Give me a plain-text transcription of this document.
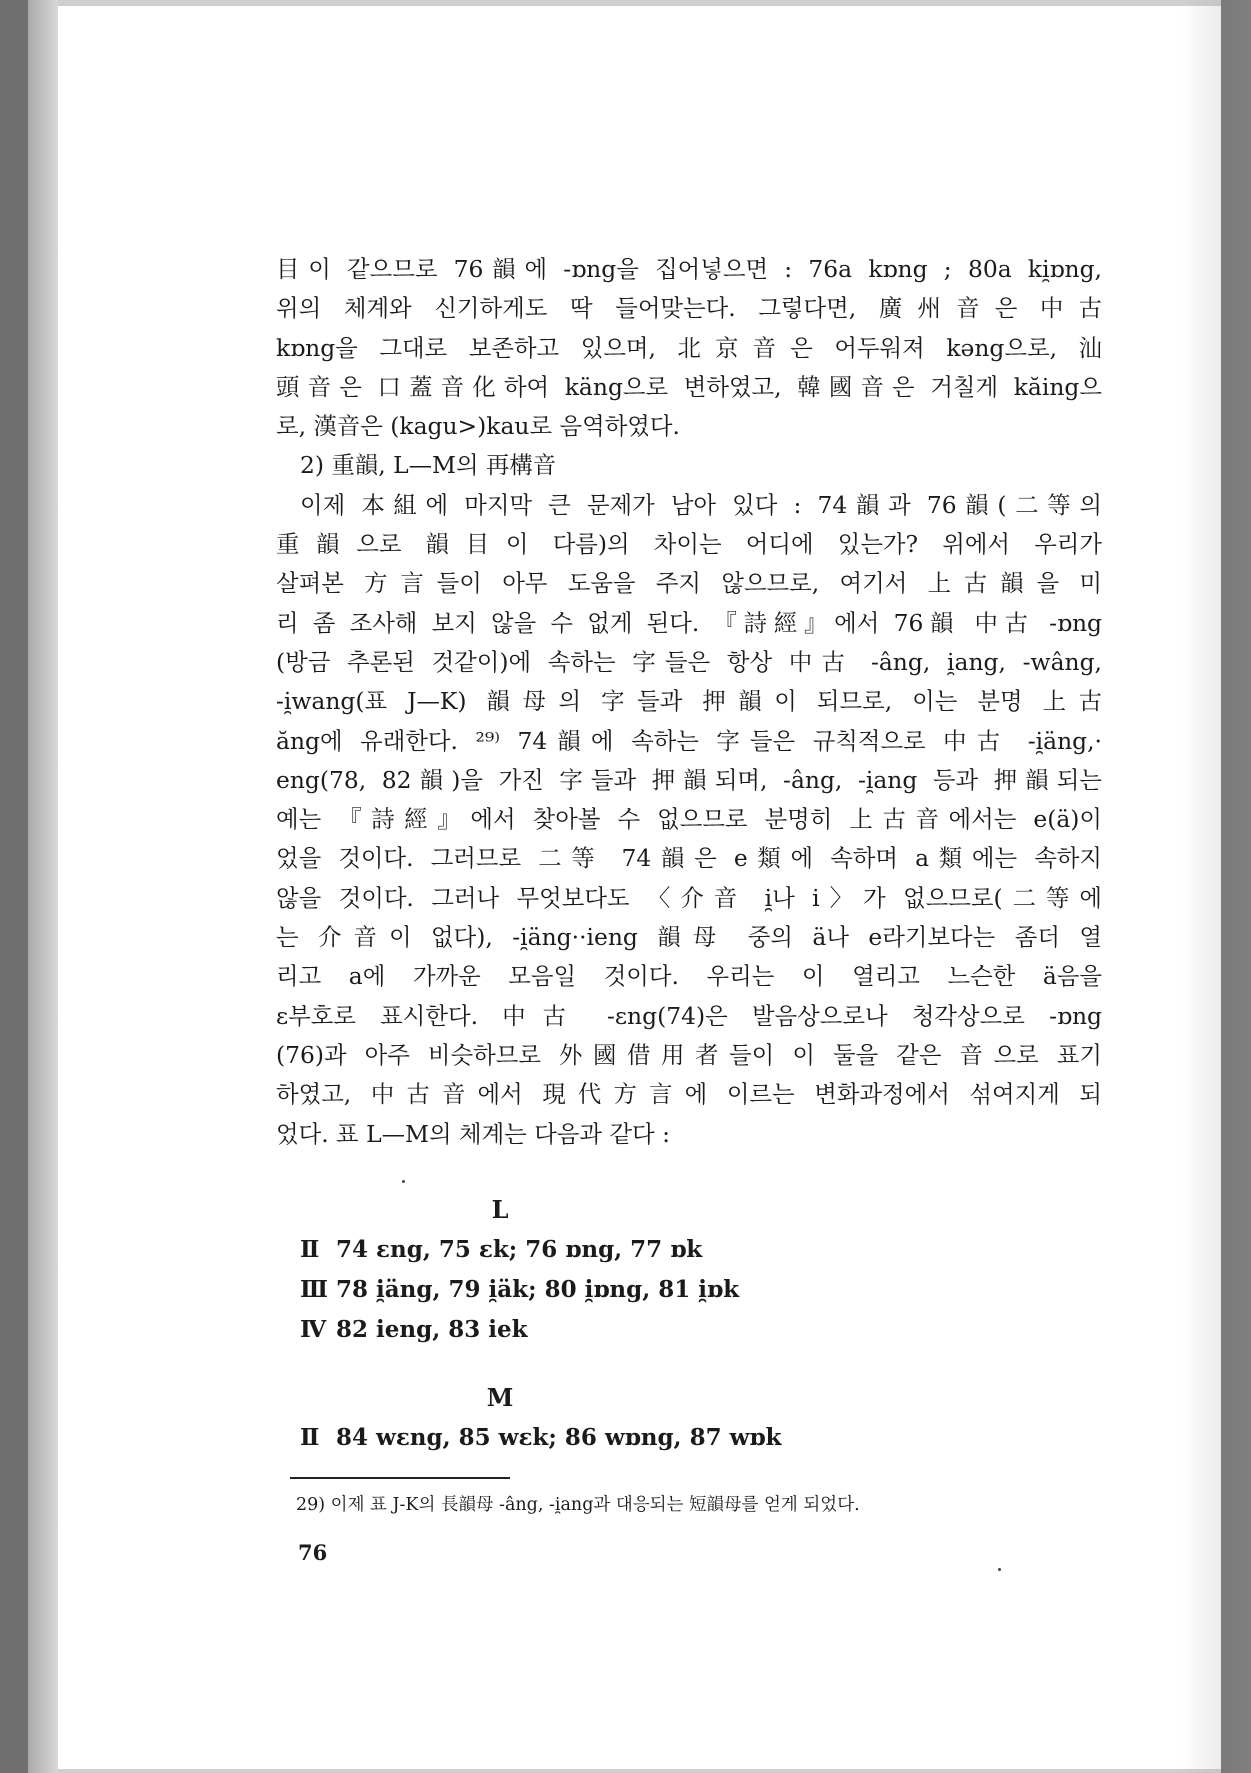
目이 같으므로 76韻에 -ɒng을 집어넣으면 : 76a kɒng ; 80a ki̯ɒng,
위의 체계와 신기하게도 딱 들어맞는다. 그렇다면, 廣州音은 中古
kɒng을 그대로 보존하고 있으며, 北京音은 어두워져 kəng으로, 汕
頭音은 口蓋音化하여 käng으로 변하였고, 韓國音은 거칠게 kăing으
로, 漢音은 (kagu>)kau로 음역하였다.
2) 重韻, L—M의 再構音
이제 本組에 마지막 큰 문제가 남아 있다 : 74韻과 76韻(二等의
重韻으로 韻目이 다름)의 차이는 어디에 있는가? 위에서 우리가
살펴본 方言들이 아무 도움을 주지 않으므로, 여기서 上古韻을 미
리 좀 조사해 보지 않을 수 없게 된다. 『詩經』에서 76韻 中古 -ɒng
(방금 추론된 것같이)에 속하는 字들은 항상 中古 -âng, i̯ang, -wâng,
-i̯wang(표 J—K) 韻母의 字들과 押韻이 되므로, 이는 분명 上古
ăng에 유래한다. ²⁹⁾ 74韻에 속하는 字들은 규칙적으로 中古 -i̯äng,·
eng(78, 82韻)을 가진 字들과 押韻되며, -âng, -i̯ang 등과 押韻되는
예는 『詩經』에서 찾아볼 수 없으므로 분명히 上古音에서는 e(ä)이
었을 것이다. 그러므로 二等 74韻은 e類에 속하며 a類에는 속하지
않을 것이다. 그러나 무엇보다도 〈介音 i̯나 i〉가 없으므로(二等에
는 介音이 없다), -i̯äng··ieng 韻母 중의 ä나 e라기보다는 좀더 열
리고 a에 가까운 모음일 것이다. 우리는 이 열리고 느슨한 ä음을
ɛ부호로 표시한다. 中古 -ɛng(74)은 발음상으로나 청각상으로 -ɒng
(76)과 아주 비슷하므로 外國借用者들이 이 둘을 같은 音으로 표기
하였고, 中古音에서 現代方言에 이르는 변화과정에서 섞여지게 되
었다. 표 L—M의 체계는 다음과 같다 :
L
Ⅱ 74 ɛng, 75 ɛk; 76 ɒng, 77 ɒk
Ⅲ 78 i̯äng, 79 i̯äk; 80 i̯ɒng, 81 i̯ɒk
Ⅳ 82 ieng, 83 iek
M
Ⅱ 84 wɛng, 85 wɛk; 86 wɒng, 87 wɒk
29) 이제 표 J-K의 長韻母 -âng, -i̯ang과 대응되는 短韻母를 얻게 되었다.
76
